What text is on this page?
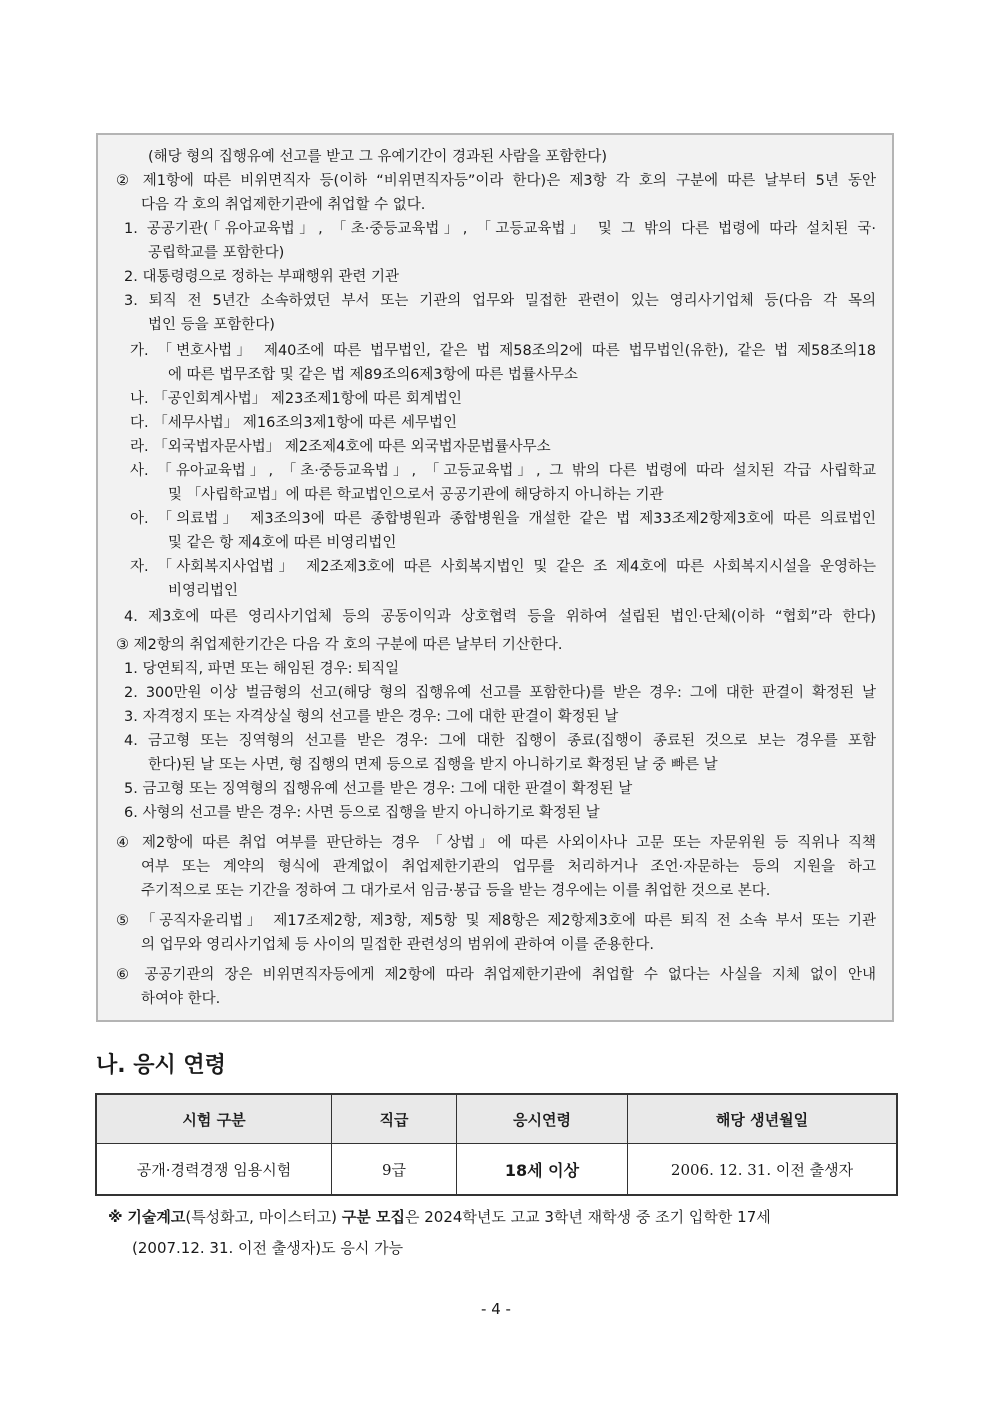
(해당 형의 집행유예 선고를 받고 그 유예기간이 경과된 사람을 포함한다)
② 제1항에 따른 비위면직자 등(이하 “비위면직자등”이라 한다)은 제3항 각 호의 구분에 따른 날부터 5년 동안
다음 각 호의 취업제한기관에 취업할 수 없다.
1. 공공기관(「유아교육법」, 「초·중등교육법」, 「고등교육법」 및 그 밖의 다른 법령에 따라 설치된 국·
공립학교를 포함한다)
2. 대통령령으로 정하는 부패행위 관련 기관
3. 퇴직 전 5년간 소속하였던 부서 또는 기관의 업무와 밀접한 관련이 있는 영리사기업체 등(다음 각 목의
법인 등을 포함한다)
가. 「변호사법」 제40조에 따른 법무법인, 같은 법 제58조의2에 따른 법무법인(유한), 같은 법 제58조의18
에 따른 법무조합 및 같은 법 제89조의6제3항에 따른 법률사무소
나. 「공인회계사법」 제23조제1항에 따른 회계법인
다. 「세무사법」 제16조의3제1항에 따른 세무법인
라. 「외국법자문사법」 제2조제4호에 따른 외국법자문법률사무소
사. 「유아교육법」, 「초·중등교육법」, 「고등교육법」, 그 밖의 다른 법령에 따라 설치된 각급 사립학교
및 「사립학교법」에 따른 학교법인으로서 공공기관에 해당하지 아니하는 기관
아. 「의료법」 제3조의3에 따른 종합병원과 종합병원을 개설한 같은 법 제33조제2항제3호에 따른 의료법인
및 같은 항 제4호에 따른 비영리법인
자. 「사회복지사업법」 제2조제3호에 따른 사회복지법인 및 같은 조 제4호에 따른 사회복지시설을 운영하는
비영리법인
4. 제3호에 따른 영리사기업체 등의 공동이익과 상호협력 등을 위하여 설립된 법인·단체(이하 “협회”라 한다)
③ 제2항의 취업제한기간은 다음 각 호의 구분에 따른 날부터 기산한다.
1. 당연퇴직, 파면 또는 해임된 경우: 퇴직일
2. 300만원 이상 벌금형의 선고(해당 형의 집행유예 선고를 포함한다)를 받은 경우: 그에 대한 판결이 확정된 날
3. 자격정지 또는 자격상실 형의 선고를 받은 경우: 그에 대한 판결이 확정된 날
4. 금고형 또는 징역형의 선고를 받은 경우: 그에 대한 집행이 종료(집행이 종료된 것으로 보는 경우를 포함
한다)된 날 또는 사면, 형 집행의 면제 등으로 집행을 받지 아니하기로 확정된 날 중 빠른 날
5. 금고형 또는 징역형의 집행유예 선고를 받은 경우: 그에 대한 판결이 확정된 날
6. 사형의 선고를 받은 경우: 사면 등으로 집행을 받지 아니하기로 확정된 날
④ 제2항에 따른 취업 여부를 판단하는 경우 「상법」에 따른 사외이사나 고문 또는 자문위원 등 직위나 직책
여부 또는 계약의 형식에 관계없이 취업제한기관의 업무를 처리하거나 조언·자문하는 등의 지원을 하고
주기적으로 또는 기간을 정하여 그 대가로서 임금·봉급 등을 받는 경우에는 이를 취업한 것으로 본다.
⑤ 「공직자윤리법」 제17조제2항, 제3항, 제5항 및 제8항은 제2항제3호에 따른 퇴직 전 소속 부서 또는 기관
의 업무와 영리사기업체 등 사이의 밀접한 관련성의 범위에 관하여 이를 준용한다.
⑥ 공공기관의 장은 비위면직자등에게 제2항에 따라 취업제한기관에 취업할 수 없다는 사실을 지체 없이 안내
하여야 한다.
나. 응시 연령
시험 구분	직급	응시연령	해당 생년월일
공개·경력경쟁 임용시험	9급	18세 이상	2006. 12. 31. 이전 출생자
※ 기술계고(특성화고, 마이스터고) 구분 모집은 2024학년도 고교 3학년 재학생 중 조기 입학한 17세
(2007.12. 31. 이전 출생자)도 응시 가능
- 4 -
